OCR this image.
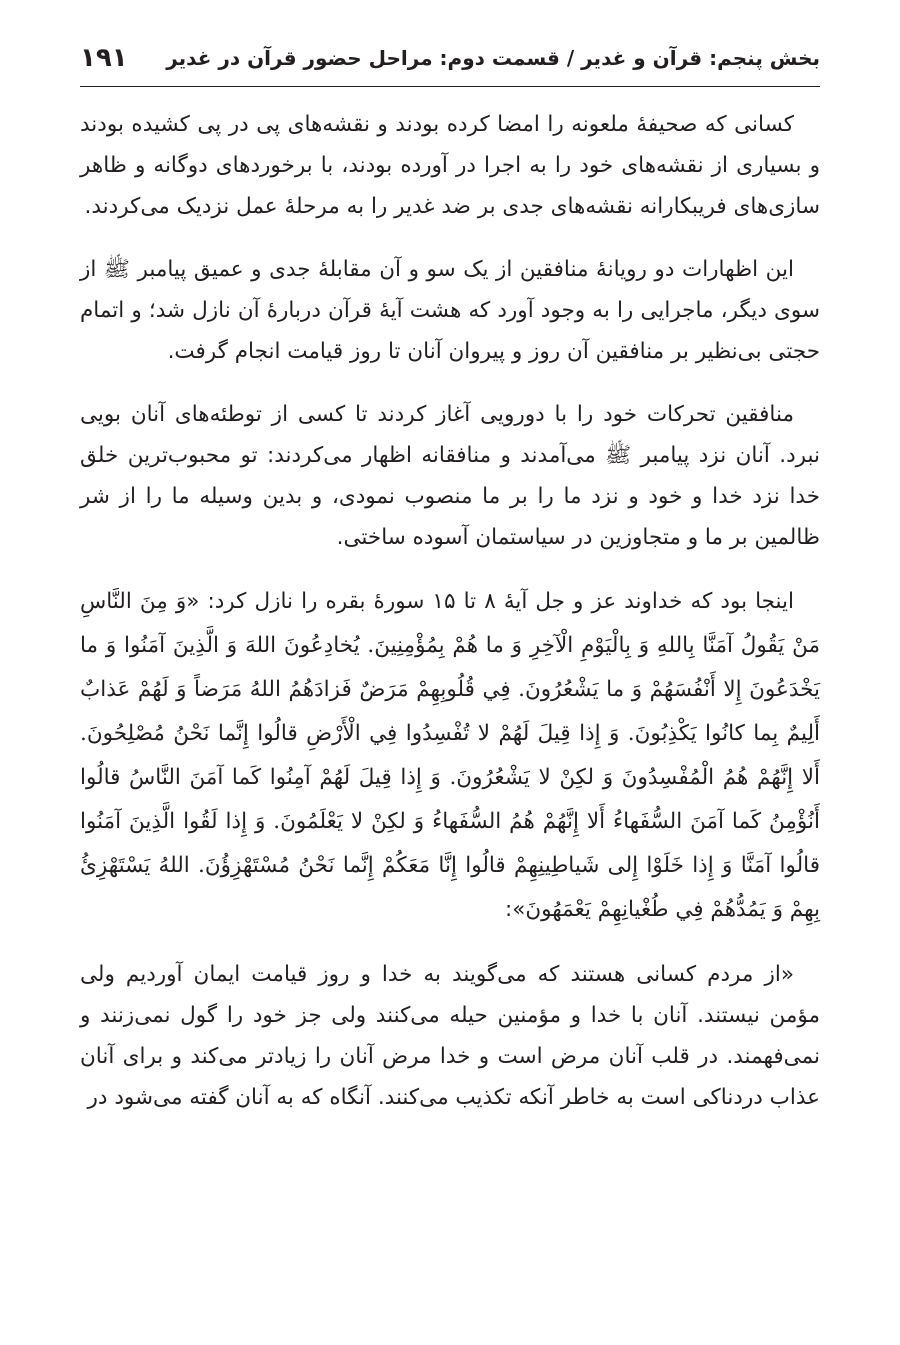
بخش پنجم: قرآن و غدیر / قسمت دوم: مراحل حضور قرآن در غدیر
۱۹۱

کسانی که صحیفۀ ملعونه را امضا کرده بودند و نقشه‌های پی در پی کشیده بودند و بسیاری از نقشه‌های خود را به اجرا در آورده بودند، با برخوردهای دوگانه و ظاهر سازی‌های فریبکارانه نقشه‌های جدی بر ضد غدیر را به مرحلۀ عمل نزدیک می‌کردند.

این اظهارات دو رویانۀ منافقین از یک سو و آن مقابلۀ جدی و عمیق پیامبر ﷺ از سوی دیگر، ماجرایی را به وجود آورد که هشت آیۀ قرآن دربارۀ آن نازل شد؛ و اتمام حجتی بی‌نظیر بر منافقین آن روز و پیروان آنان تا روز قیامت انجام گرفت.

منافقین تحرکات خود را با دورویی آغاز کردند تا کسی از توطئه‌های آنان بویی نبرد. آنان نزد پیامبر ﷺ می‌آمدند و منافقانه اظهار می‌کردند: تو محبوب‌ترین خلق خدا نزد خدا و خود و نزد ما را بر ما منصوب نمودی، و بدین وسیله ما را از شر ظالمین بر ما و متجاوزین در سیاستمان آسوده ساختی.

اینجا بود که خداوند عز و جل آیۀ ۸ تا ۱۵ سورۀ بقره را نازل کرد: «وَ مِنَ النَّاسِ مَنْ يَقُولُ آمَنَّا بِاللهِ وَ بِالْيَوْمِ الْآخِرِ وَ ما هُمْ بِمُؤْمِنِينَ. يُخادِعُونَ اللهَ وَ الَّذِينَ آمَنُوا وَ ما يَخْدَعُونَ إِلا أَنْفُسَهُمْ وَ ما يَشْعُرُونَ. فِي قُلُوبِهِمْ مَرَضٌ فَزادَهُمُ اللهُ مَرَضاً وَ لَهُمْ عَذابٌ أَلِيمٌ بِما كانُوا يَكْذِبُونَ. وَ إِذا قِيلَ لَهُمْ لا تُفْسِدُوا فِي الْأَرْضِ قالُوا إِنَّما نَحْنُ مُصْلِحُونَ. أَلا إِنَّهُمْ هُمُ الْمُفْسِدُونَ وَ لكِنْ لا يَشْعُرُونَ. وَ إِذا قِيلَ لَهُمْ آمِنُوا كَما آمَنَ النَّاسُ قالُوا أَنُؤْمِنُ كَما آمَنَ السُّفَهاءُ أَلا إِنَّهُمْ هُمُ السُّفَهاءُ وَ لكِنْ لا يَعْلَمُونَ. وَ إِذا لَقُوا الَّذِينَ آمَنُوا قالُوا آمَنَّا وَ إِذا خَلَوْا إِلى شَياطِينِهِمْ قالُوا إِنَّا مَعَكُمْ إِنَّما نَحْنُ مُسْتَهْزِؤُنَ. اللهُ يَسْتَهْزِئُ بِهِمْ وَ يَمُدُّهُمْ فِي طُغْيانِهِمْ يَعْمَهُونَ»:

«از مردم کسانی هستند که می‌گویند به خدا و روز قیامت ایمان آوردیم ولی مؤمن نیستند. آنان با خدا و مؤمنین حیله می‌کنند ولی جز خود را گول نمی‌زنند و نمی‌فهمند. در قلب آنان مرض است و خدا مرض آنان را زیادتر می‌کند و برای آنان عذاب دردناکی است به خاطر آنکه تکذیب می‌کنند. آنگاه که به آنان گفته می‌شود در
